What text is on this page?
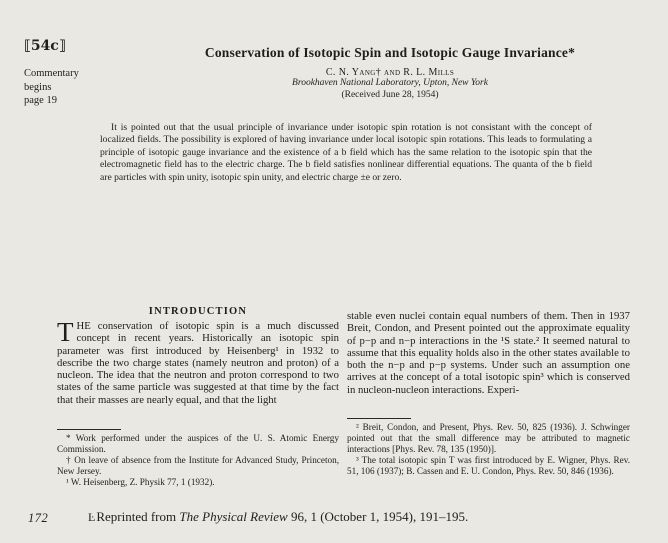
⟦54c⟧
Commentary
begins
page 19
Conservation of Isotopic Spin and Isotopic Gauge Invariance*
C. N. Yang† and R. L. Mills
Brookhaven National Laboratory, Upton, New York
(Received June 28, 1954)
It is pointed out that the usual principle of invariance under isotopic spin rotation is not consistant with the concept of localized fields. The possibility is explored of having invariance under local isotopic spin rotations. This leads to formulating a principle of isotopic gauge invariance and the existence of a b field which has the same relation to the isotopic spin that the electromagnetic field has to the electric charge. The b field satisfies nonlinear differential equations. The quanta of the b field are particles with spin unity, isotopic spin unity, and electric charge ±e or zero.
INTRODUCTION
THE conservation of isotopic spin is a much discussed concept in recent years. Historically an isotopic spin parameter was first introduced by Heisenberg¹ in 1932 to describe the two charge states (namely neutron and proton) of a nucleon. The idea that the neutron and proton correspond to two states of the same particle was suggested at that time by the fact that their masses are nearly equal, and that the light

* Work performed under the auspices of the U. S. Atomic Energy Commission.

† On leave of absence from the Institute for Advanced Study, Princeton, New Jersey.

¹ W. Heisenberg, Z. Physik 77, 1 (1932).

stable even nuclei contain equal numbers of them. Then in 1937 Breit, Condon, and Present pointed out the approximate equality of p−p and n−p interactions in the ¹S state.² It seemed natural to assume that this equality holds also in the other states available to both the n−p and p−p systems. Under such an assumption one arrives at the concept of a total isotopic spin³ which is conserved in nucleon-nucleon interactions. Experi-

² Breit, Condon, and Present, Phys. Rev. 50, 825 (1936). J. Schwinger pointed out that the small difference may be attributed to magnetic interactions [Phys. Rev. 78, 135 (1950)].

³ The total isotopic spin T was first introduced by E. Wigner, Phys. Rev. 51, 106 (1937); B. Cassen and E. U. Condon, Phys. Rev. 50, 846 (1936).

172	ĿReprinted from The Physical Review 96, 1 (October 1, 1954), 191–195.
